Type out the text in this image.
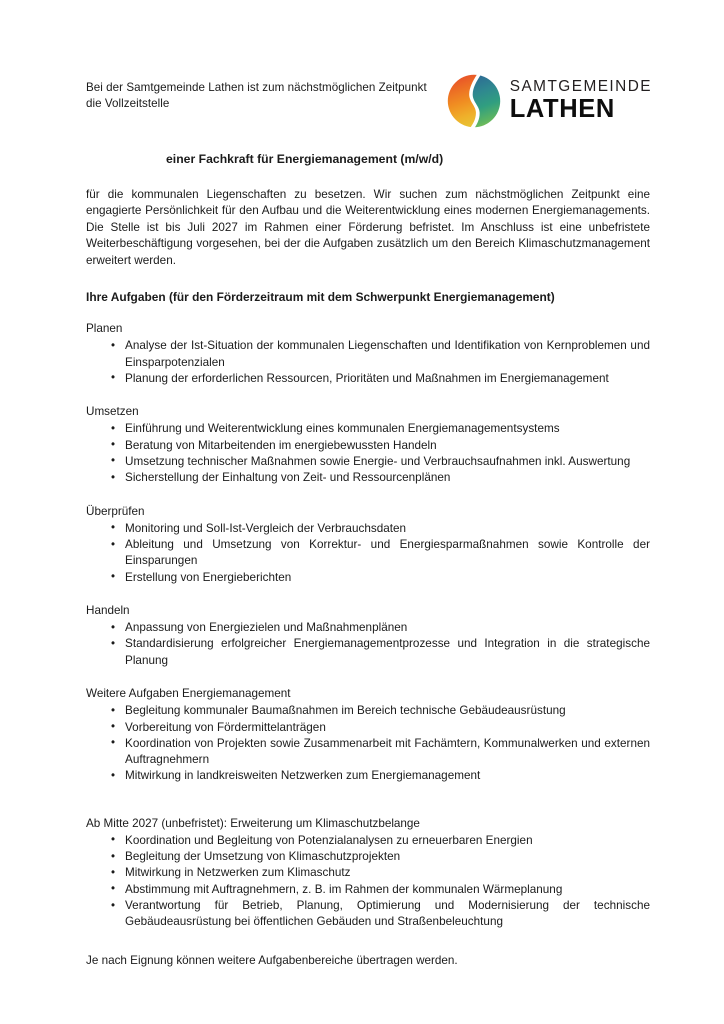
Bei der Samtgemeinde Lathen ist zum nächstmöglichen Zeitpunkt
die Vollzeitstelle
SAMTGEMEINDE
LATHEN
einer Fachkraft für Energiemanagement (m/w/d)

für die kommunalen Liegenschaften zu besetzen. Wir suchen zum nächstmöglichen Zeitpunkt eine engagierte Persönlichkeit für den Aufbau und die Weiterentwicklung eines modernen Energiemanagements. Die Stelle ist bis Juli 2027 im Rahmen einer Förderung befristet. Im Anschluss ist eine unbefristete Weiterbeschäftigung vorgesehen, bei der die Aufgaben zusätzlich um den Bereich Klimaschutzmanagement erweitert werden.

Ihre Aufgaben (für den Förderzeitraum mit dem Schwerpunkt Energiemanagement)
Planen
• Analyse der Ist-Situation der kommunalen Liegenschaften und Identifikation von Kernproblemen und Einsparpotenzialen
• Planung der erforderlichen Ressourcen, Prioritäten und Maßnahmen im Energiemanagement
Umsetzen
• Einführung und Weiterentwicklung eines kommunalen Energiemanagementsystems
• Beratung von Mitarbeitenden im energiebewussten Handeln
• Umsetzung technischer Maßnahmen sowie Energie- und Verbrauchsaufnahmen inkl. Auswertung
• Sicherstellung der Einhaltung von Zeit- und Ressourcenplänen
Überprüfen
• Monitoring und Soll-Ist-Vergleich der Verbrauchsdaten
• Ableitung und Umsetzung von Korrektur- und Energiesparmaßnahmen sowie Kontrolle der Einsparungen
• Erstellung von Energieberichten
Handeln
• Anpassung von Energiezielen und Maßnahmenplänen
• Standardisierung erfolgreicher Energiemanagementprozesse und Integration in die strategische Planung
Weitere Aufgaben Energiemanagement
• Begleitung kommunaler Baumaßnahmen im Bereich technische Gebäudeausrüstung
• Vorbereitung von Fördermittelanträgen
• Koordination von Projekten sowie Zusammenarbeit mit Fachämtern, Kommunalwerken und externen Auftragnehmern
• Mitwirkung in landkreisweiten Netzwerken zum Energiemanagement
Ab Mitte 2027 (unbefristet): Erweiterung um Klimaschutzbelange
• Koordination und Begleitung von Potenzialanalysen zu erneuerbaren Energien
• Begleitung der Umsetzung von Klimaschutzprojekten
• Mitwirkung in Netzwerken zum Klimaschutz
• Abstimmung mit Auftragnehmern, z. B. im Rahmen der kommunalen Wärmeplanung
• Verantwortung für Betrieb, Planung, Optimierung und Modernisierung der technische Gebäudeausrüstung bei öffentlichen Gebäuden und Straßenbeleuchtung

Je nach Eignung können weitere Aufgabenbereiche übertragen werden.
